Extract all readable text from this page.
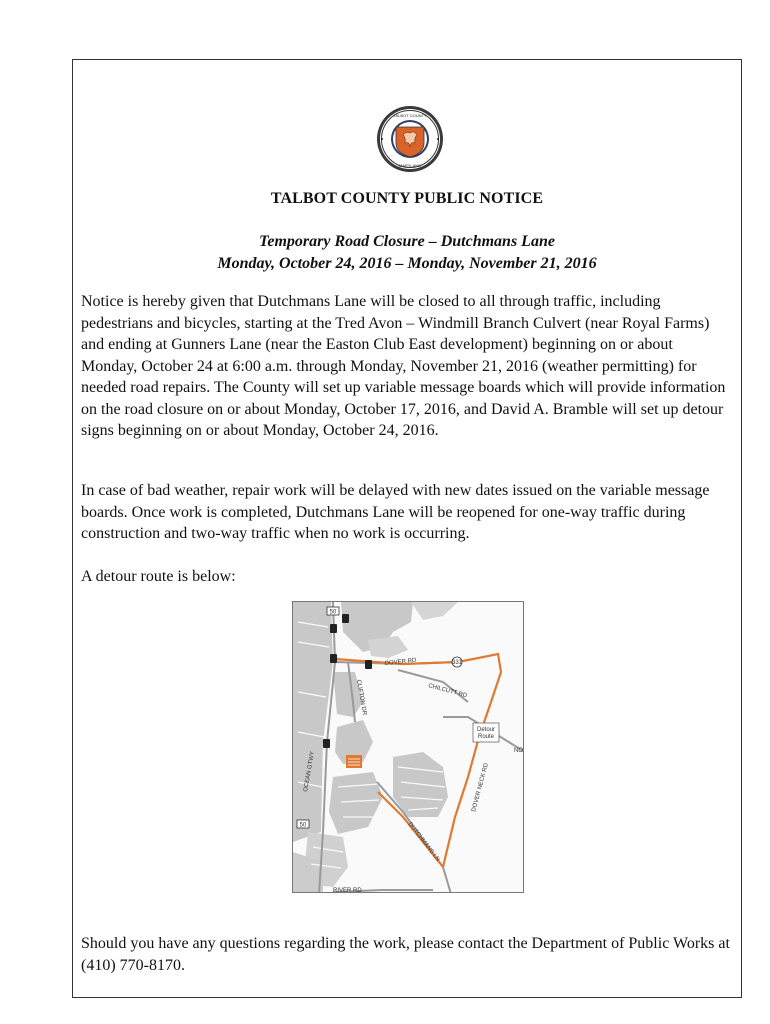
TALBOT COUNTY
MARYLAND
TALBOT COUNTY PUBLIC NOTICE
Temporary Road Closure – Dutchmans Lane
Monday, October 24, 2016 – Monday, November 21, 2016

Notice is hereby given that Dutchmans Lane will be closed to all through traffic, including pedestrians and bicycles, starting at the Tred Avon – Windmill Branch Culvert (near Royal Farms) and ending at Gunners Lane (near the Easton Club East development) beginning on or about Monday, October 24 at 6:00 a.m. through Monday, November 21, 2016 (weather permitting) for needed road repairs. The County will set up variable message boards which will provide information on the road closure on or about Monday, October 17, 2016, and David A. Bramble will set up detour signs beginning on or about Monday, October 24, 2016.

In case of bad weather, repair work will be delayed with new dates issued on the variable message boards. Once work is completed, Dutchmans Lane will be reopened for one-way traffic during construction and two-way traffic when no work is occurring.

A detour route is below:

50
50
331
DOVER RD
CHILCUTT RD
CLIFTON DR
OCEAN GTWY	DOVER NECK RD
DUTCHMANS LN
NO
RIVER RD
Detour
Route

Should you have any questions regarding the work, please contact the Department of Public Works at (410) 770-8170.
